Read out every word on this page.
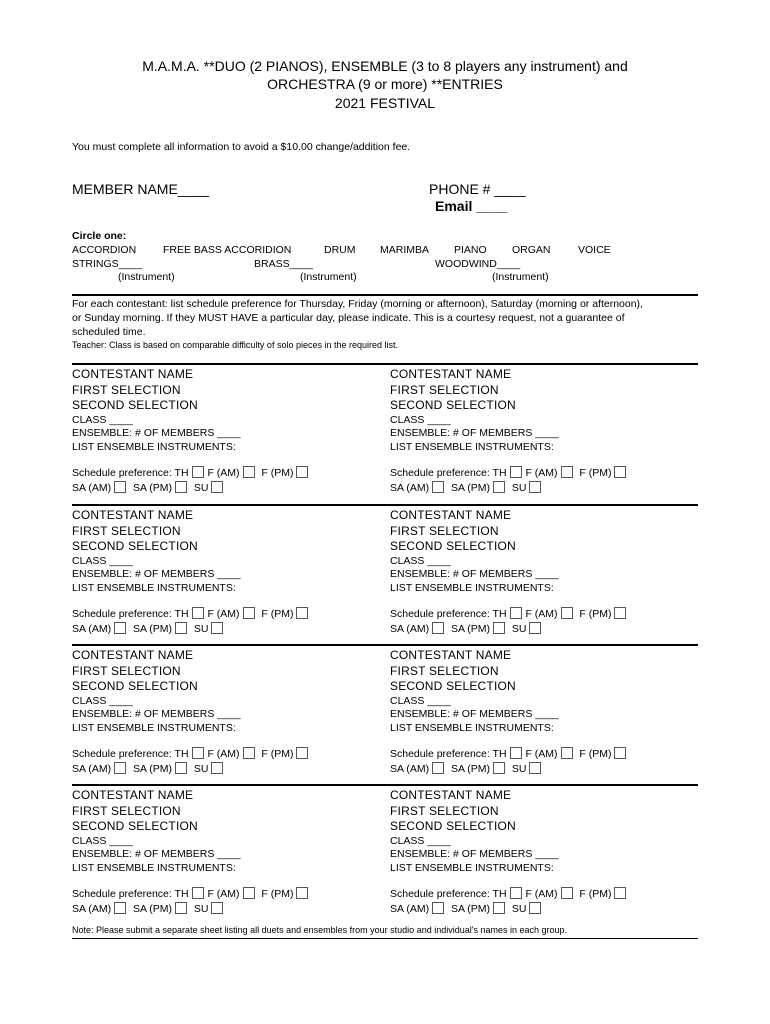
M.A.M.A. **DUO (2 PIANOS), ENSEMBLE (3 to 8 players any instrument) and
ORCHESTRA (9 or more) **ENTRIES
2021 FESTIVAL
You must complete all information to avoid a $10.00 change/addition fee.
MEMBER NAME____	PHONE # ____
Email ____
Circle one:
ACCORDION	FREE BASS ACCORIDION	DRUM MARIMBA PIANO ORGAN	VOICE
STRINGS____	BRASS____	WOODWIND____
(Instrument)	(Instrument)	(Instrument)
For each contestant: list schedule preference for Thursday, Friday (morning or afternoon), Saturday (morning or afternoon),
or Sunday morning. If they MUST HAVE a particular day, please indicate. This is a courtesy request, not a guarantee of
scheduled time.
Teacher: Class is based on comparable difficulty of solo pieces in the required list.
CONTESTANT NAME
FIRST SELECTION
SECOND SELECTION
CLASS ____
ENSEMBLE: # OF MEMBERS ____
LIST ENSEMBLE INSTRUMENTS:
Schedule preference: TH F (AM) F (PM)
SA (AM) SA (PM) SU
CONTESTANT NAME
FIRST SELECTION
SECOND SELECTION
CLASS ____
ENSEMBLE: # OF MEMBERS ____
LIST ENSEMBLE INSTRUMENTS:
Schedule preference: TH F (AM) F (PM)
SA (AM) SA (PM) SU
CONTESTANT NAME
FIRST SELECTION
SECOND SELECTION
CLASS ____
ENSEMBLE: # OF MEMBERS ____
LIST ENSEMBLE INSTRUMENTS:
Schedule preference: TH F (AM) F (PM)
SA (AM) SA (PM) SU
CONTESTANT NAME
FIRST SELECTION
SECOND SELECTION
CLASS ____
ENSEMBLE: # OF MEMBERS ____
LIST ENSEMBLE INSTRUMENTS:
Schedule preference: TH F (AM) F (PM)
SA (AM) SA (PM) SU
CONTESTANT NAME
FIRST SELECTION
SECOND SELECTION
CLASS ____
ENSEMBLE: # OF MEMBERS ____
LIST ENSEMBLE INSTRUMENTS:
Schedule preference: TH F (AM) F (PM)
SA (AM) SA (PM) SU
CONTESTANT NAME
FIRST SELECTION
SECOND SELECTION
CLASS ____
ENSEMBLE: # OF MEMBERS ____
LIST ENSEMBLE INSTRUMENTS:
Schedule preference: TH F (AM) F (PM)
SA (AM) SA (PM) SU
CONTESTANT NAME
FIRST SELECTION
SECOND SELECTION
CLASS ____
ENSEMBLE: # OF MEMBERS ____
LIST ENSEMBLE INSTRUMENTS:
Schedule preference: TH F (AM) F (PM)
SA (AM) SA (PM) SU
CONTESTANT NAME
FIRST SELECTION
SECOND SELECTION
CLASS ____
ENSEMBLE: # OF MEMBERS ____
LIST ENSEMBLE INSTRUMENTS:
Schedule preference: TH F (AM) F (PM)
SA (AM) SA (PM) SU
Note: Please submit a separate sheet listing all duets and ensembles from your studio and individual's names in each group.
